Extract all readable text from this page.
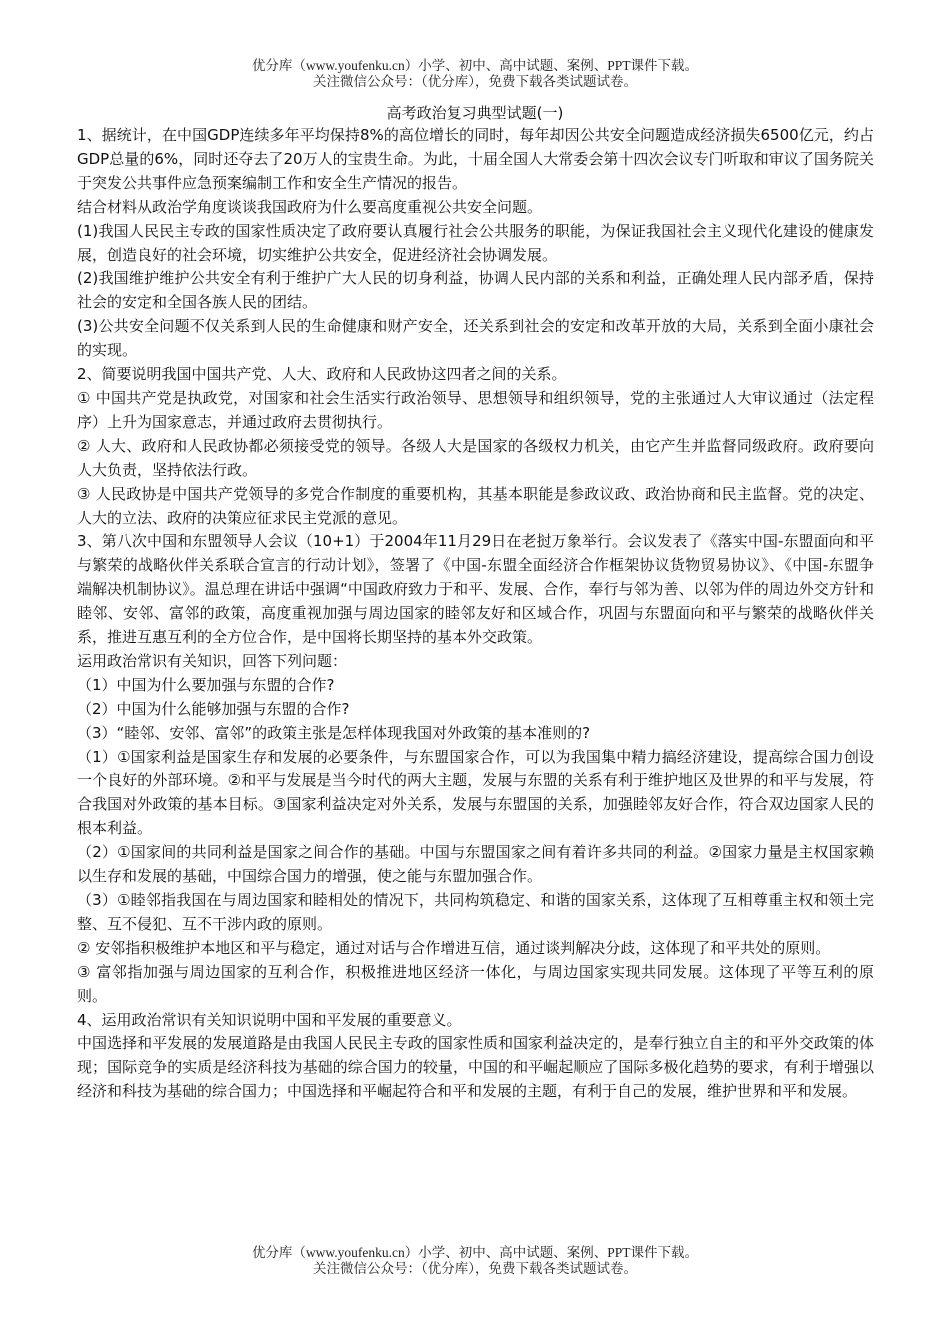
优分库（www.youfenku.cn）小学、初中、高中试题、案例、PPT课件下载。
关注微信公众号：（优分库），免费下载各类试题试卷。
高考政治复习典型试题(一)

1、据统计，在中国GDP连续多年平均保持8%的高位增长的同时，每年却因公共安全问题造成经济损失6500亿元，约占GDP总量的6%，同时还夺去了20万人的宝贵生命。为此，十届全国人大常委会第十四次会议专门听取和审议了国务院关于突发公共事件应急预案编制工作和安全生产情况的报告。

结合材料从政治学角度谈谈我国政府为什么要高度重视公共安全问题。

(1)我国人民民主专政的国家性质决定了政府要认真履行社会公共服务的职能，为保证我国社会主义现代化建设的健康发展，创造良好的社会环境，切实维护公共安全，促进经济社会协调发展。

(2)我国维护维护公共安全有利于维护广大人民的切身利益，协调人民内部的关系和利益，正确处理人民内部矛盾，保持社会的安定和全国各族人民的团结。

(3)公共安全问题不仅关系到人民的生命健康和财产安全，还关系到社会的安定和改革开放的大局，关系到全面小康社会的实现。

2、简要说明我国中国共产党、人大、政府和人民政协这四者之间的关系。

① 中国共产党是执政党，对国家和社会生活实行政治领导、思想领导和组织领导，党的主张通过人大审议通过（法定程序）上升为国家意志，并通过政府去贯彻执行。

② 人大、政府和人民政协都必须接受党的领导。各级人大是国家的各级权力机关，由它产生并监督同级政府。政府要向人大负责，坚持依法行政。

③ 人民政协是中国共产党领导的多党合作制度的重要机构，其基本职能是参政议政、政治协商和民主监督。党的决定、人大的立法、政府的决策应征求民主党派的意见。

3、第八次中国和东盟领导人会议（10+1）于2004年11月29日在老挝万象举行。会议发表了《落实中国-东盟面向和平与繁荣的战略伙伴关系联合宣言的行动计划》，签署了《中国-东盟全面经济合作框架协议货物贸易协议》、《中国-东盟争端解决机制协议》。温总理在讲话中强调“中国政府致力于和平、发展、合作，奉行与邻为善、以邻为伴的周边外交方针和睦邻、安邻、富邻的政策，高度重视加强与周边国家的睦邻友好和区域合作，巩固与东盟面向和平与繁荣的战略伙伴关系，推进互惠互利的全方位合作，是中国将长期坚持的基本外交政策。

运用政治常识有关知识，回答下列问题：

（1）中国为什么要加强与东盟的合作?

（2）中国为什么能够加强与东盟的合作?

（3）“睦邻、安邻、富邻”的政策主张是怎样体现我国对外政策的基本准则的?

（1）①国家利益是国家生存和发展的必要条件，与东盟国家合作，可以为我国集中精力搞经济建设，提高综合国力创设一个良好的外部环境。②和平与发展是当今时代的两大主题，发展与东盟的关系有利于维护地区及世界的和平与发展，符合我国对外政策的基本目标。③国家利益决定对外关系，发展与东盟国的关系，加强睦邻友好合作，符合双边国家人民的根本利益。

（2）①国家间的共同利益是国家之间合作的基础。中国与东盟国家之间有着许多共同的利益。②国家力量是主权国家赖以生存和发展的基础，中国综合国力的增强，使之能与东盟加强合作。

（3）①睦邻指我国在与周边国家和睦相处的情况下，共同构筑稳定、和谐的国家关系，这体现了互相尊重主权和领土完整、互不侵犯、互不干涉内政的原则。

② 安邻指积极维护本地区和平与稳定，通过对话与合作增进互信，通过谈判解决分歧，这体现了和平共处的原则。

③ 富邻指加强与周边国家的互利合作，积极推进地区经济一体化，与周边国家实现共同发展。这体现了平等互利的原则。

4、运用政治常识有关知识说明中国和平发展的重要意义。

中国选择和平发展的发展道路是由我国人民民主专政的国家性质和国家利益决定的，是奉行独立自主的和平外交政策的体现；国际竞争的实质是经济科技为基础的综合国力的较量，中国的和平崛起顺应了国际多极化趋势的要求，有利于增强以经济和科技为基础的综合国力；中国选择和平崛起符合和平和发展的主题，有利于自己的发展，维护世界和平和发展。

优分库（www.youfenku.cn）小学、初中、高中试题、案例、PPT课件下载。
关注微信公众号：（优分库），免费下载各类试题试卷。
